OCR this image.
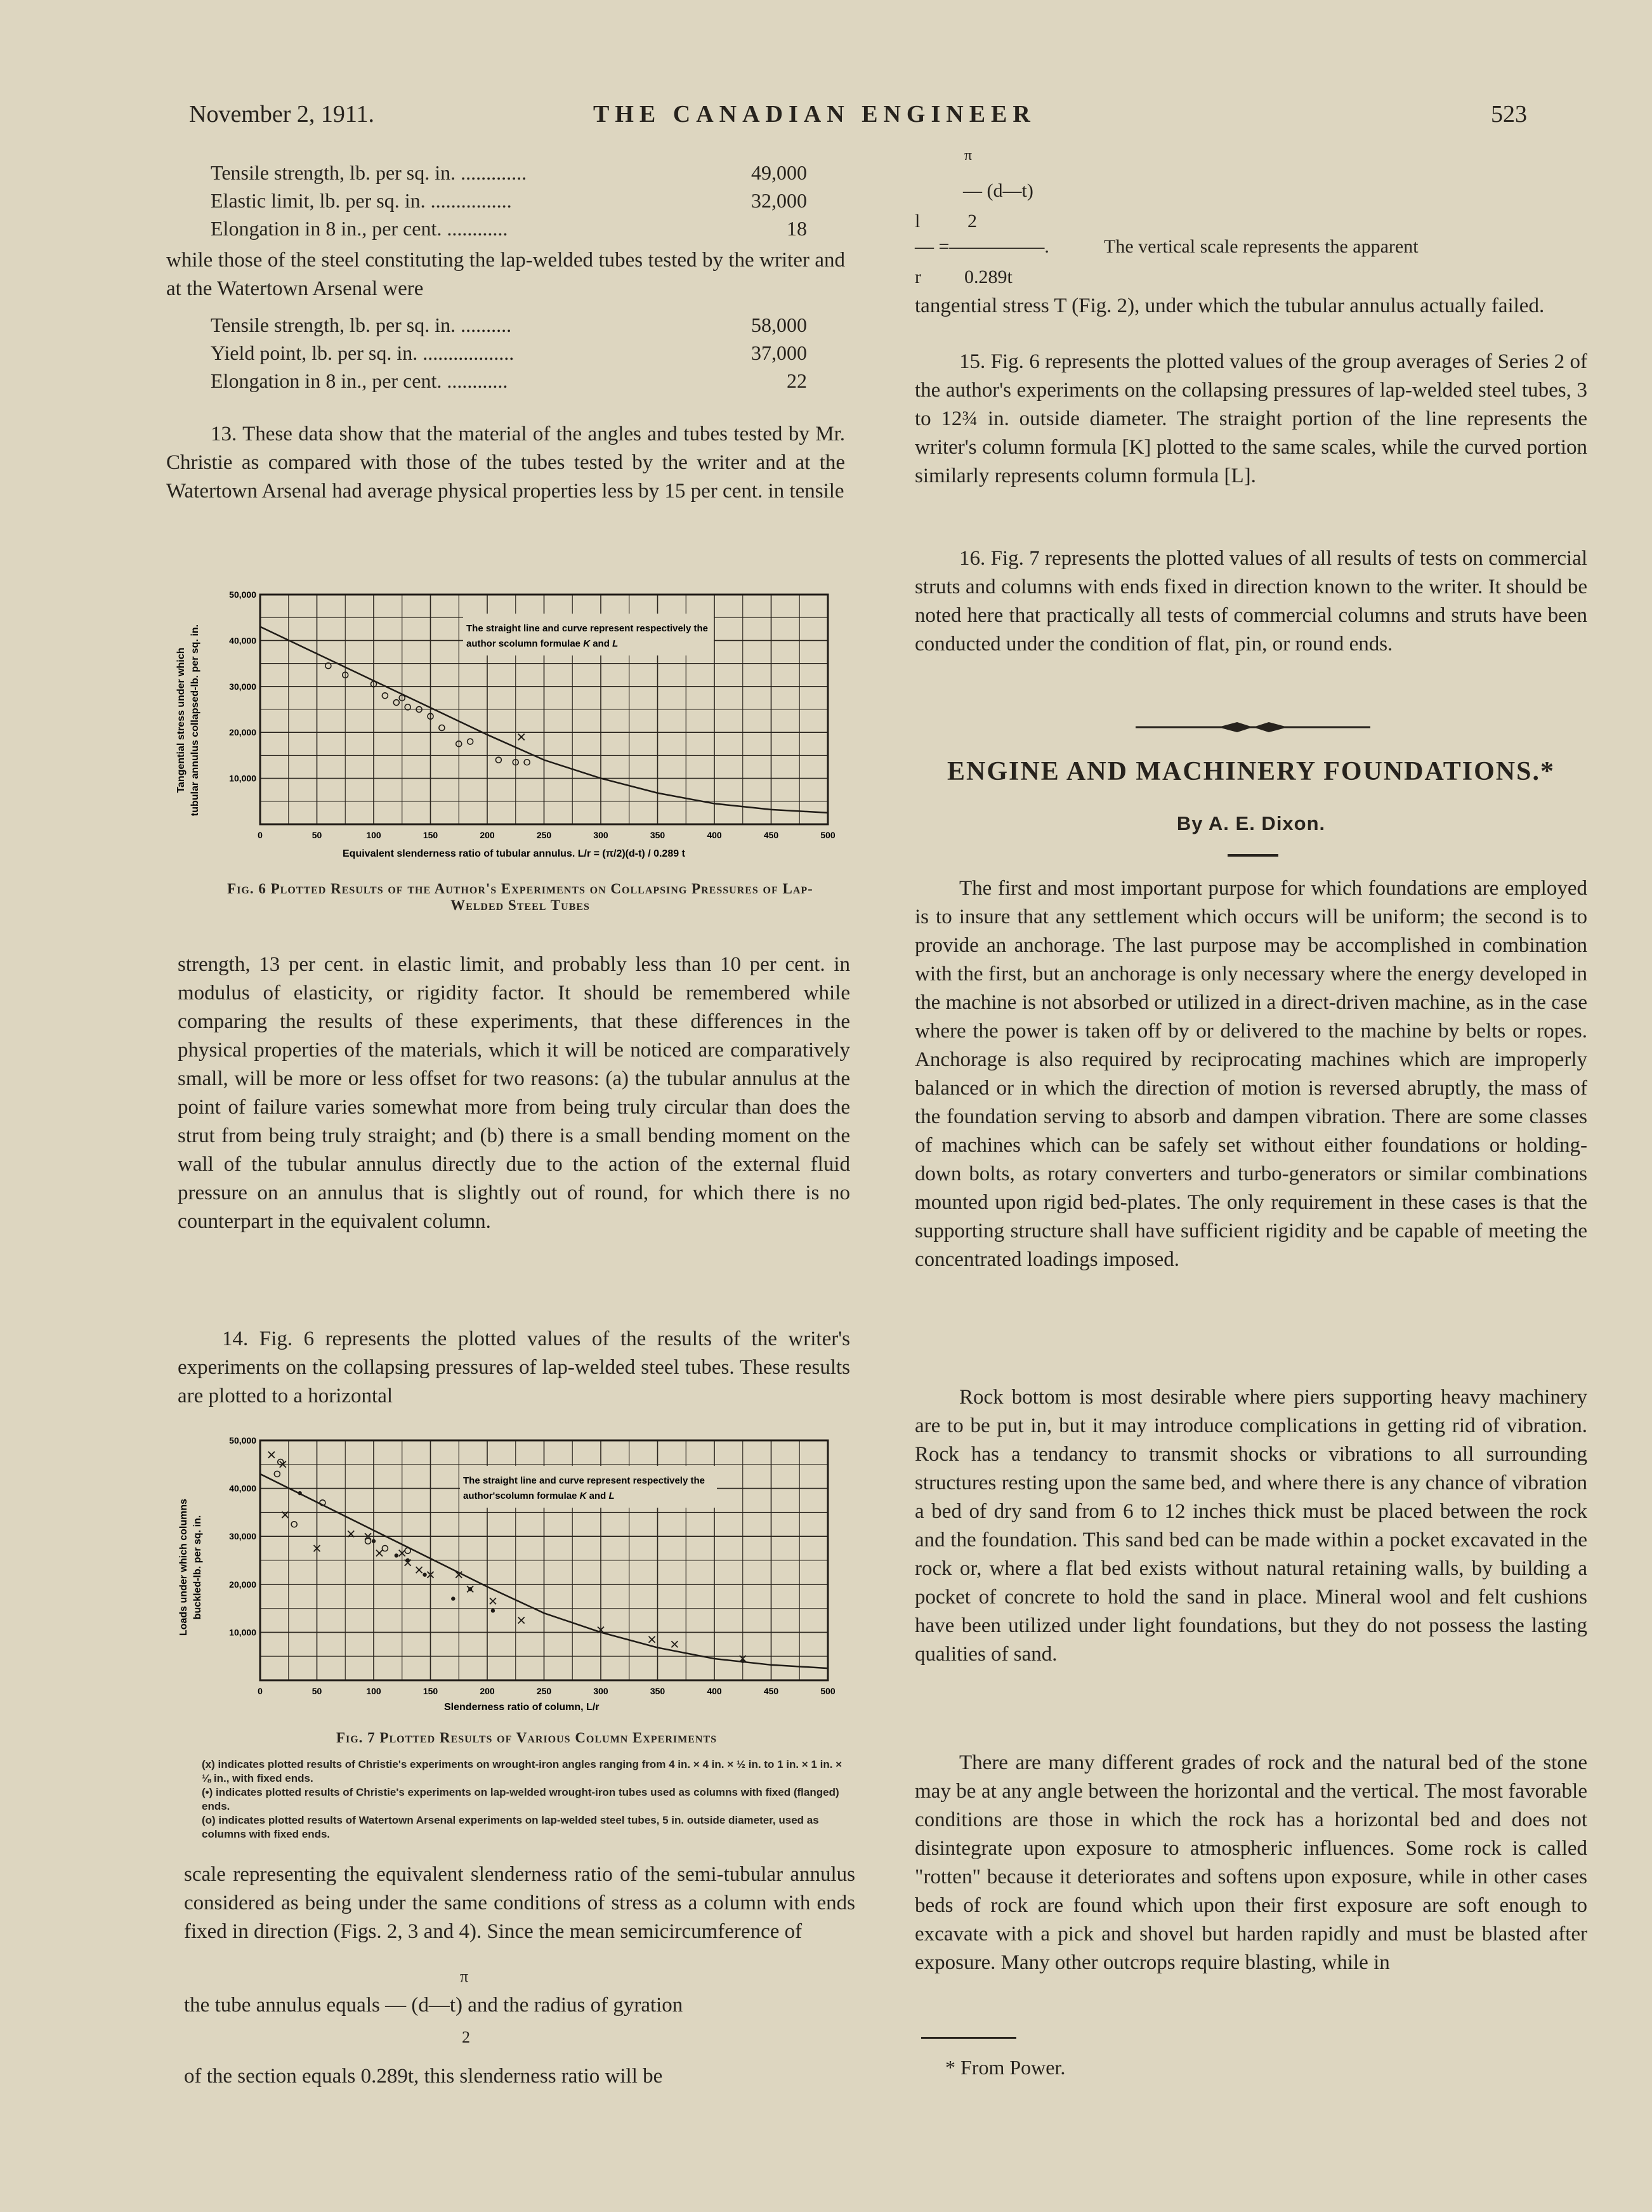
November 2, 1911.	THE CANADIAN ENGINEER	523
Tensile strength, lb. per sq. in. .............	49,000
Elastic limit, lb. per sq. in. ................	32,000
Elongation in 8 in., per cent. ............	18
while those of the steel constituting the lap-welded tubes tested by the writer and at the Watertown Arsenal were
Tensile strength, lb. per sq. in. ..........	58,000
Yield point, lb. per sq. in. ..................	37,000
Elongation in 8 in., per cent. ............	22
13. These data show that the material of the angles and tubes tested by Mr. Christie as compared with those of the tubes tested by the writer and at the Watertown Arsenal had average physical properties less by 15 per cent. in tensile
Tangential stress under which tubular annulus collapsed-lb. per sq. in.
0	50	100	150	200	250	300	350	400	450	500
10,000
20,000
30,000
40,000
50,000
The straight line and curve represent respectively the
author scolumn formulae K and L
Equivalent slenderness ratio of tubular annulus. L/r = (π/2)(d-t) / 0.289 t
Fig. 6 Plotted Results of the Author's Experiments on Collapsing Pressures of Lap-Welded Steel Tubes
strength, 13 per cent. in elastic limit, and probably less than 10 per cent. in modulus of elasticity, or rigidity factor. It should be remembered while comparing the results of these experiments, that these differences in the physical properties of the materials, which it will be noticed are comparatively small, will be more or less offset for two reasons: (a) the tubular annulus at the point of failure varies somewhat more from being truly circular than does the strut from being truly straight; and (b) there is a small bending moment on the wall of the tubular annulus directly due to the action of the external fluid pressure on an annulus that is slightly out of round, for which there is no counterpart in the equivalent column.
14. Fig. 6 represents the plotted values of the results of the writer's experiments on the collapsing pressures of lap-welded steel tubes. These results are plotted to a horizontal
Loads under which columns buckled-lb. per sq. in.
0	50	100	150	200	250	300	350	400	450	500
10,000
20,000
30,000
40,000
50,000
The straight line and curve represent respectively the
author'scolumn formulae K and L
Slenderness ratio of column, L/r
Fig. 7 Plotted Results of Various Column Experiments
(x) indicates plotted results of Christie's experiments on wrought-iron angles ranging from 4 in. × 4 in. × ½ in. to 1 in. × 1 in. × ⅛ in., with fixed ends.
(•) indicates plotted results of Christie's experiments on lap-welded wrought-iron tubes used as columns with fixed (flanged) ends.
(o) indicates plotted results of Watertown Arsenal experiments on lap-welded steel tubes, 5 in. outside diameter, used as columns with fixed ends.
scale representing the equivalent slenderness ratio of the semi-tubular annulus considered as being under the same conditions of stress as a column with ends fixed in direction (Figs. 2, 3 and 4). Since the mean semicircumference of
π
the tube annulus equals — (d—t) and the radius of gyration
2
of the section equals 0.289t, this slenderness ratio will be
π
— (d—t)
l 2
— =—————.	The vertical scale represents the apparent
r 0.289t
tangential stress T (Fig. 2), under which the tubular annulus actually failed.
15. Fig. 6 represents the plotted values of the group averages of Series 2 of the author's experiments on the collapsing pressures of lap-welded steel tubes, 3 to 12¾ in. outside diameter. The straight portion of the line represents the writer's column formula [K] plotted to the same scales, while the curved portion similarly represents column formula [L].
16. Fig. 7 represents the plotted values of all results of tests on commercial struts and columns with ends fixed in direction known to the writer. It should be noted here that practically all tests of commercial columns and struts have been conducted under the condition of flat, pin, or round ends.
ENGINE AND MACHINERY FOUNDATIONS.*
By A. E. Dixon.
The first and most important purpose for which foundations are employed is to insure that any settlement which occurs will be uniform; the second is to provide an anchorage. The last purpose may be accomplished in combination with the first, but an anchorage is only necessary where the energy developed in the machine is not absorbed or utilized in a direct-driven machine, as in the case where the power is taken off by or delivered to the machine by belts or ropes. Anchorage is also required by reciprocating machines which are improperly balanced or in which the direction of motion is reversed abruptly, the mass of the foundation serving to absorb and dampen vibration. There are some classes of machines which can be safely set without either foundations or holding-down bolts, as rotary converters and turbo-generators or similar combinations mounted upon rigid bed-plates. The only requirement in these cases is that the supporting structure shall have sufficient rigidity and be capable of meeting the concentrated loadings imposed.
Rock bottom is most desirable where piers supporting heavy machinery are to be put in, but it may introduce complications in getting rid of vibration. Rock has a tendancy to transmit shocks or vibrations to all surrounding structures resting upon the same bed, and where there is any chance of vibration a bed of dry sand from 6 to 12 inches thick must be placed between the rock and the foundation. This sand bed can be made within a pocket excavated in the rock or, where a flat bed exists without natural retaining walls, by building a pocket of concrete to hold the sand in place. Mineral wool and felt cushions have been utilized under light foundations, but they do not possess the lasting qualities of sand.
There are many different grades of rock and the natural bed of the stone may be at any angle between the horizontal and the vertical. The most favorable conditions are those in which the rock has a horizontal bed and does not disintegrate upon exposure to atmospheric influences. Some rock is called "rotten" because it deteriorates and softens upon exposure, while in other cases beds of rock are found which upon their first exposure are soft enough to excavate with a pick and shovel but harden rapidly and must be blasted after exposure. Many other outcrops require blasting, while in
* From Power.
